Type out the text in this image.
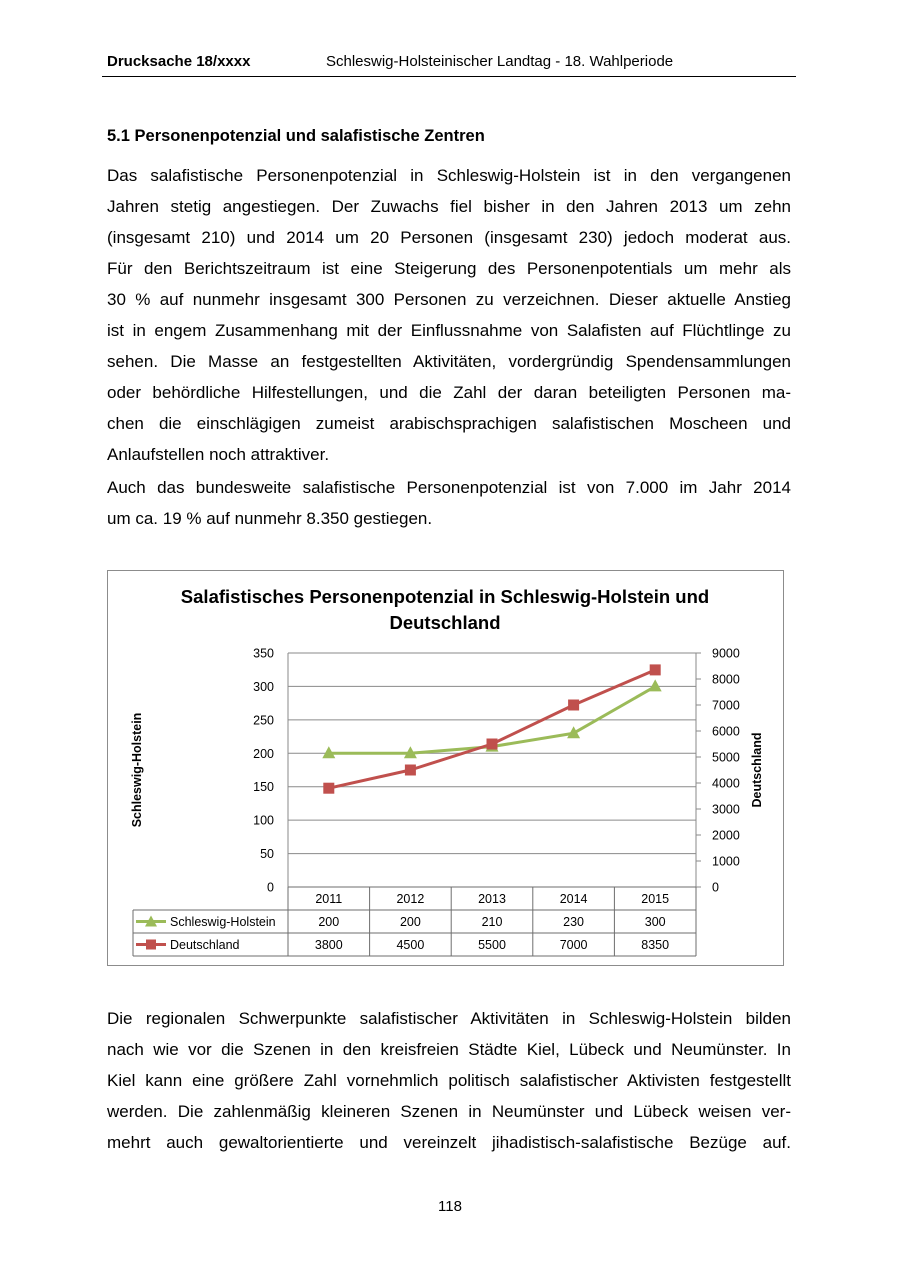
Drucksache 18/xxxx	Schleswig-Holsteinischer Landtag - 18. Wahlperiode
5.1 Personenpotenzial und salafistische Zentren
Das salafistische Personenpotenzial in Schleswig-Holstein ist in den vergangenen
Jahren stetig angestiegen. Der Zuwachs fiel bisher in den Jahren 2013 um zehn
(insgesamt 210) und 2014 um 20 Personen (insgesamt 230) jedoch moderat aus.
Für den Berichtszeitraum ist eine Steigerung des Personenpotentials um mehr als
30 % auf nunmehr insgesamt 300 Personen zu verzeichnen. Dieser aktuelle Anstieg
ist in engem Zusammenhang mit der Einflussnahme von Salafisten auf Flüchtlinge zu
sehen. Die Masse an festgestellten Aktivitäten, vordergründig Spendensammlungen
oder behördliche Hilfestellungen, und die Zahl der daran beteiligten Personen ma-
chen die einschlägigen zumeist arabischsprachigen salafistischen Moscheen und
Anlaufstellen noch attraktiver.
Auch das bundesweite salafistische Personenpotenzial ist von 7.000 im Jahr 2014
um ca. 19 % auf nunmehr 8.350 gestiegen.
Salafistisches Personenpotenzial in Schleswig-Holstein und
Deutschland
0
50
100
150
200
250
300
350
0
1000
2000
3000
4000
5000
6000
7000
8000
9000
Schleswig-Holstein	Deutschland
2011	2012	2013	2014	2015
Schleswig-Holstein	200	200	210	230	300
Deutschland	3800	4500	5500	7000	8350
Die regionalen Schwerpunkte salafistischer Aktivitäten in Schleswig-Holstein bilden
nach wie vor die Szenen in den kreisfreien Städte Kiel, Lübeck und Neumünster. In
Kiel kann eine größere Zahl vornehmlich politisch salafistischer Aktivisten festgestellt
werden. Die zahlenmäßig kleineren Szenen in Neumünster und Lübeck weisen ver-
mehrt auch gewaltorientierte und vereinzelt jihadistisch-salafistische Bezüge auf.
118
